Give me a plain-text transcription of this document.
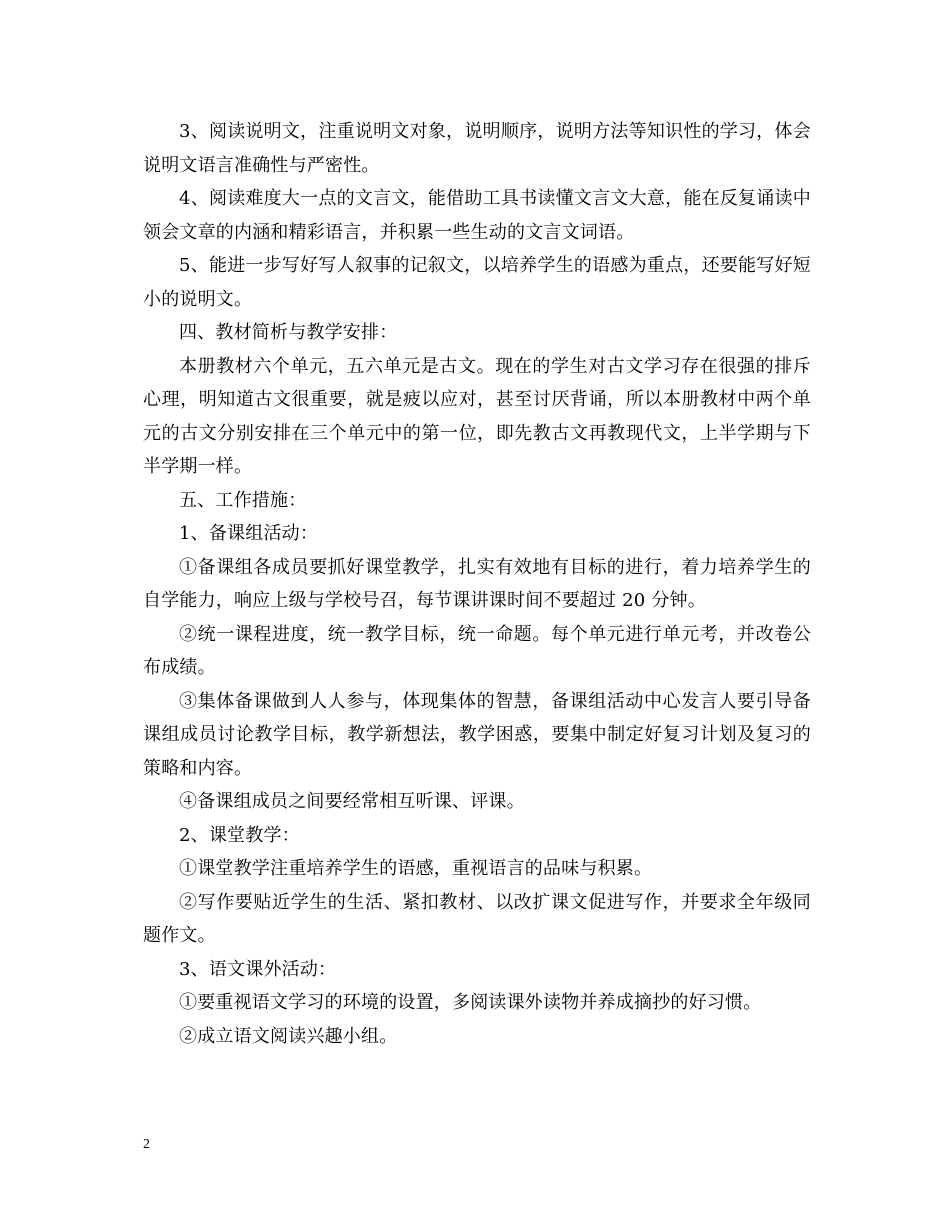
3、阅读说明文，注重说明文对象，说明顺序，说明方法等知识性的学习，体会说明文语言准确性与严密性。

4、阅读难度大一点的文言文，能借助工具书读懂文言文大意，能在反复诵读中领会文章的内涵和精彩语言，并积累一些生动的文言文词语。

5、能进一步写好写人叙事的记叙文，以培养学生的语感为重点，还要能写好短小的说明文。

四、教材简析与教学安排：

本册教材六个单元，五六单元是古文。现在的学生对古文学习存在很强的排斥心理，明知道古文很重要，就是疲以应对，甚至讨厌背诵，所以本册教材中两个单元的古文分别安排在三个单元中的第一位，即先教古文再教现代文，上半学期与下半学期一样。

五、工作措施：

1、备课组活动：

①备课组各成员要抓好课堂教学，扎实有效地有目标的进行，着力培养学生的自学能力，响应上级与学校号召，每节课讲课时间不要超过 20 分钟。

②统一课程进度，统一教学目标，统一命题。每个单元进行单元考，并改卷公布成绩。

③集体备课做到人人参与，体现集体的智慧，备课组活动中心发言人要引导备课组成员讨论教学目标，教学新想法，教学困惑，要集中制定好复习计划及复习的策略和内容。

④备课组成员之间要经常相互听课、评课。

2、课堂教学：

①课堂教学注重培养学生的语感，重视语言的品味与积累。

②写作要贴近学生的生活、紧扣教材、以改扩课文促进写作，并要求全年级同题作文。

3、语文课外活动：

①要重视语文学习的环境的设置，多阅读课外读物并养成摘抄的好习惯。

②成立语文阅读兴趣小组。

2
